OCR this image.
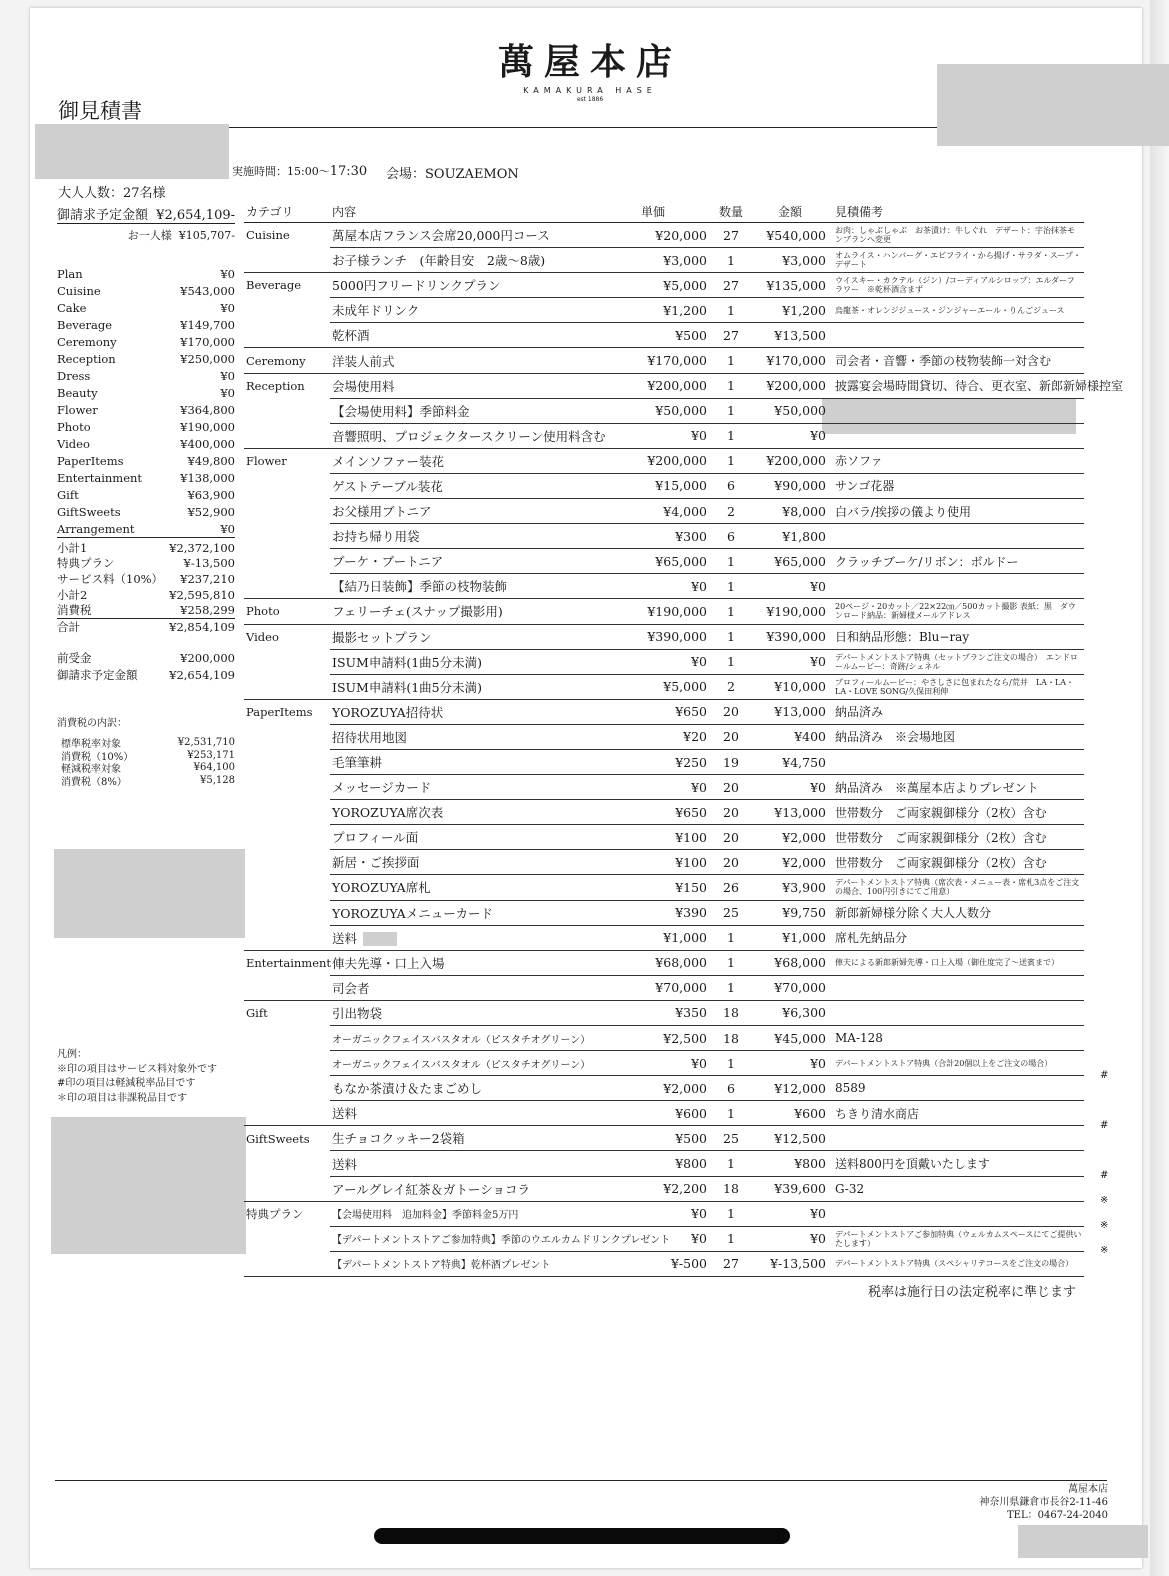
萬屋本店
KAMAKURA HASE
est 1886
御見積書
実施時間：15:00〜17:30 会場：SOUZAEMON
大人人数：27名様
御請求予定金額 ¥2,654,109-
お一人様 ¥105,707-
Plan	¥0
Cuisine	¥543,000
Cake	¥0
Beverage	¥149,700
Ceremony	¥170,000
Reception	¥250,000
Dress	¥0
Beauty	¥0
Flower	¥364,800
Photo	¥190,000
Video	¥400,000
PaperItems	¥49,800
Entertainment	¥138,000
Gift	¥63,900
GiftSweets	¥52,900
Arrangement	¥0
小計1	¥2,372,100
特典プラン	¥-13,500
サービス料（10%） ¥237,210
小計2	¥2,595,810
消費税	¥258,299
合計	¥2,854,109
前受金	¥200,000
御請求予定金額	¥2,654,109
消費税の内訳：
標準税率対象	¥2,531,710
消費税（10%）	¥253,171
軽減税率対象	¥64,100
消費税（8%）	¥5,128
凡例：
※印の項目はサービス料対象外です
#印の項目は軽減税率品目です
＊印の項目は非課税品目です
カテゴリ	内容	単価	数量	金額	見積備考	
Cuisine	萬屋本店フランス会席20,000円コース	¥20,000	27	¥540,000	お肉：しゃぶしゃぶ　お茶漬け：牛しぐれ　デザート：宇治抹茶モンブランへ変更	
	お子様ランチ　(年齢目安　2歳〜8歳)	¥3,000	1	¥3,000	オムライス・ハンバーグ・エビフライ・から揚げ・サラダ・スープ・デザート	
Beverage	5000円フリードリンクプラン	¥5,000	27	¥135,000	ウイスキー・カクテル（ジン）/コーディアルシロップ：エルダーフラワー　※乾杯酒含まず	
	未成年ドリンク	¥1,200	1	¥1,200	烏龍茶・オレンジジュース・ジンジャーエール・りんごジュース	
	乾杯酒	¥500	27	¥13,500		
Ceremony	洋装人前式	¥170,000	1	¥170,000	司会者・音響・季節の枝物装飾一対含む	
Reception	会場使用料	¥200,000	1	¥200,000	披露宴会場時間貸切、待合、更衣室、新郎新婦様控室	
	【会場使用料】季節料金	¥50,000	1	¥50,000		
	音響照明、プロジェクタースクリーン使用料含む	¥0	1	¥0		
Flower	メインソファー装花	¥200,000	1	¥200,000	赤ソファ	
	ゲストテーブル装花	¥15,000	6	¥90,000	サンゴ花器	
	お父様用ブトニア	¥4,000	2	¥8,000	白バラ/挨拶の儀より使用	
	お持ち帰り用袋	¥300	6	¥1,800		
	ブーケ・ブートニア	¥65,000	1	¥65,000	クラッチブーケ/リボン：ボルドー	
	【結乃日装飾】季節の枝物装飾	¥0	1	¥0		
Photo	フェリーチェ(スナップ撮影用)	¥190,000	1	¥190,000	20ページ・20カット／22×22㎝／500カット撮影 表紙：黒　ダウンロード納品：新婦様メールアドレス	
Video	撮影セットプラン	¥390,000	1	¥390,000	日和納品形態：Blu−ray	
	ISUM申請料(1曲5分未満)	¥0	1	¥0	デパートメントストア特典（セットプランご注文の場合）　エンドロールムービー：奇跡/シェネル	
	ISUM申請料(1曲5分未満)	¥5,000	2	¥10,000	プロフィールムービー：やさしさに包まれたなら/荒井　LA・LA・LA・LOVE SONG/久保田利伸	
PaperItems	YOROZUYA招待状	¥650	20	¥13,000	納品済み	
	招待状用地図	¥20	20	¥400	納品済み　※会場地図	
	毛筆筆耕	¥250	19	¥4,750		
	メッセージカード	¥0	20	¥0	納品済み　※萬屋本店よりプレゼント	
	YOROZUYA席次表	¥650	20	¥13,000	世帯数分　ご両家親御様分（2枚）含む	
	プロフィール面	¥100	20	¥2,000	世帯数分　ご両家親御様分（2枚）含む	
	新居・ご挨拶面	¥100	20	¥2,000	世帯数分　ご両家親御様分（2枚）含む	
	YOROZUYA席札	¥150	26	¥3,900	デパートメントストア特典（席次表・メニュー表・席札3点をご注文の場合、100円引きにてご用意）	
	YOROZUYAメニューカード	¥390	25	¥9,750	新郎新婦様分除く大人人数分	
	送料	¥1,000	1	¥1,000	席札先納品分	
Entertainment	俥夫先導・口上入場	¥68,000	1	¥68,000	俥夫による新郎新婦先導・口上入場（御仕度完了〜送賓まで）	
	司会者	¥70,000	1	¥70,000		
Gift	引出物袋	¥350	18	¥6,300		
	オーガニックフェイスバスタオル（ピスタチオグリーン）	¥2,500	18	¥45,000	MA-128	
	オーガニックフェイスバスタオル（ピスタチオグリーン）	¥0	1	¥0	デパートメントストア特典（合計20個以上をご注文の場合）	
	もなか茶漬け＆たまごめし	¥2,000	6	¥12,000	8589	#
	送料	¥600	1	¥600	ちきり清水商店	
GiftSweets	生チョコクッキー2袋箱	¥500	25	¥12,500		#
	送料	¥800	1	¥800	送料800円を頂戴いたします	
	アールグレイ紅茶＆ガトーショコラ	¥2,200	18	¥39,600	G-32	#
特典プラン	【会場使用料　追加料金】季節料金5万円	¥0	1	¥0		※
	【デパートメントストアご参加特典】季節のウエルカムドリンクプレゼント	¥0	1	¥0	デパートメントストアご参加特典（ウェルカムスペースにてご提供いたします）	※
	【デパートメントストア特典】乾杯酒プレゼント	¥-500	27	¥-13,500	デパートメントストア特典（スペシャリテコースをご注文の場合）	※
税率は施行日の法定税率に準じます
萬屋本店
神奈川県鎌倉市長谷2-11-46
TEL：0467-24-2040
